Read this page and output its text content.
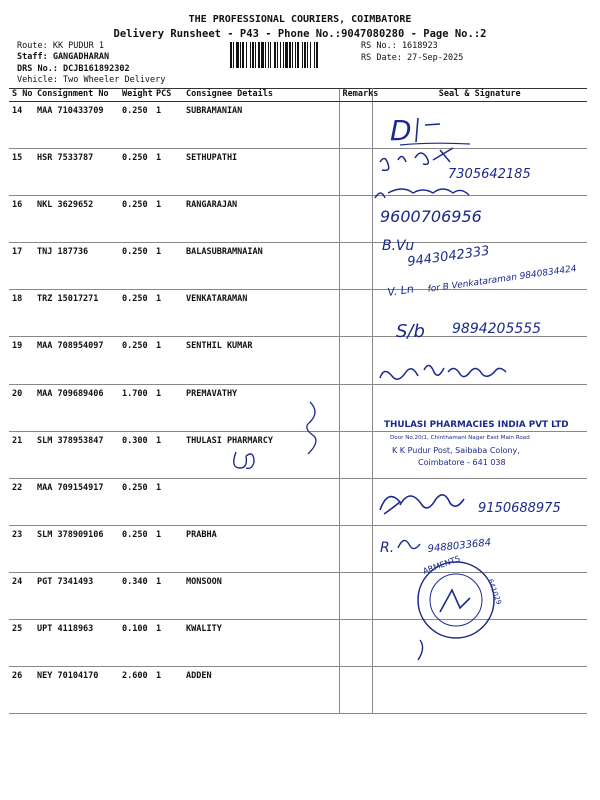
THE PROFESSIONAL COURIERS, COIMBATORE
Delivery Runsheet - P43 - Phone No.:9047080280 - Page No.:2
Route: KK PUDUR 1
Staff: GANGADHARAN
DRS No.: DCJB161892302
Vehicle: Two Wheeler Delivery
RS No.: 1618923
RS Date: 27-Sep-2025
S No	Consignment No	Weight	PCS	Consignee Details	Remarks	Seal & Signature
14	MAA 710433709	0.250	1	SUBRAMANIAN		
15	HSR 7533787	0.250	1	SETHUPATHI		
16	NKL 3629652	0.250	1	RANGARAJAN		
17	TNJ 187736	0.250	1	BALASUBRAMNAIAN		
18	TRZ 15017271	0.250	1	VENKATARAMAN		
19	MAA 708954097	0.250	1	SENTHIL KUMAR		
20	MAA 709689406	1.700	1	PREMAVATHY		
21	SLM 378953847	0.300	1	THULASI PHARMARCY		
22	MAA 709154917	0.250	1			
23	SLM 378909106	0.250	1	PRABHA		
24	PGT 7341493	0.340	1	MONSOON		
25	UPT 4118963	0.100	1	KWALITY		
26	NEY 70104170	2.600	1	ADDEN		
D
7305642185
9600706956
B.Vu
9443042333
V. Ln for B Venkataraman 9840834424
S/b 9894205555
THULASI PHARMACIES INDIA PVT LTD
Door No.20/1, Chinthamani Nagar East Main Road
K K Pudur Post, Saibaba Colony,
Coimbatore - 641 038
9150688975
R.	9488033684
ARMENTS
641029
